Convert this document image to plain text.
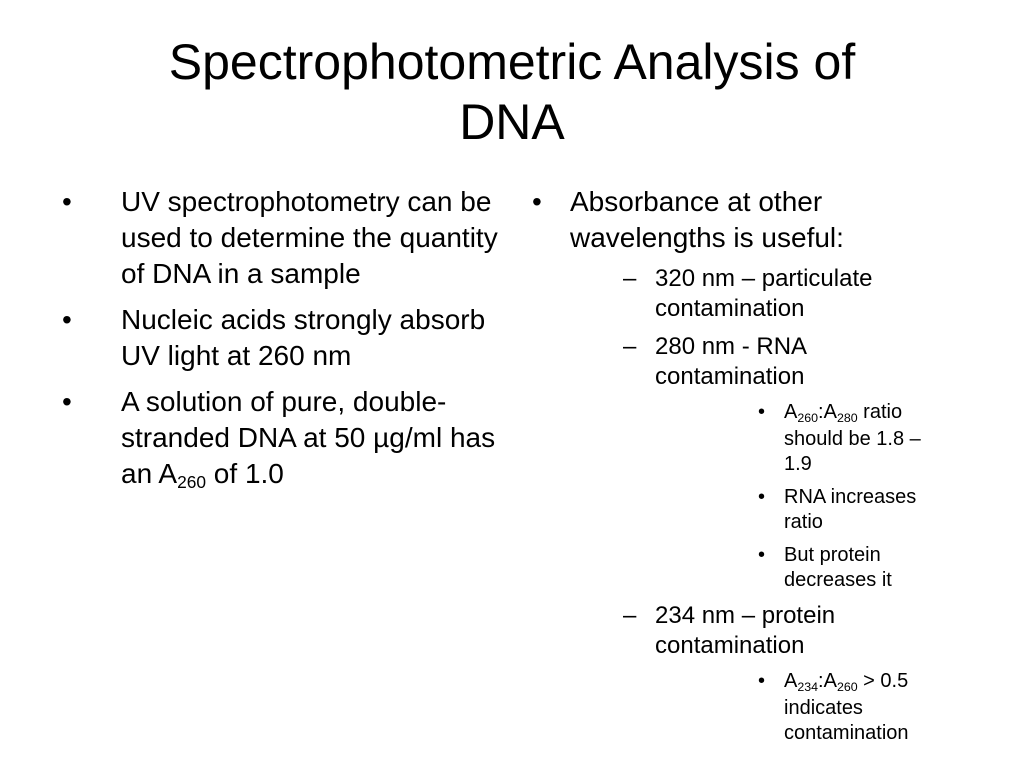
Spectrophotometric Analysis of
DNA
• UV spectrophotometry can be used to determine the quantity of DNA in a sample
• Nucleic acids strongly absorb UV light at 260 nm
• A solution of pure, double-stranded DNA at 50 µg/ml has an $A_{260}$ of 1.0
• Absorbance at other wavelengths is useful:
– 320 nm – particulate contamination
– 280 nm - RNA contamination
• $A_{260}:A_{280}$ ratio should be 1.8 – 1.9
• RNA increases ratio
• But protein decreases it
– 234 nm – protein contamination
• $A_{234}:A_{260} > 0.5$ indicates contamination
